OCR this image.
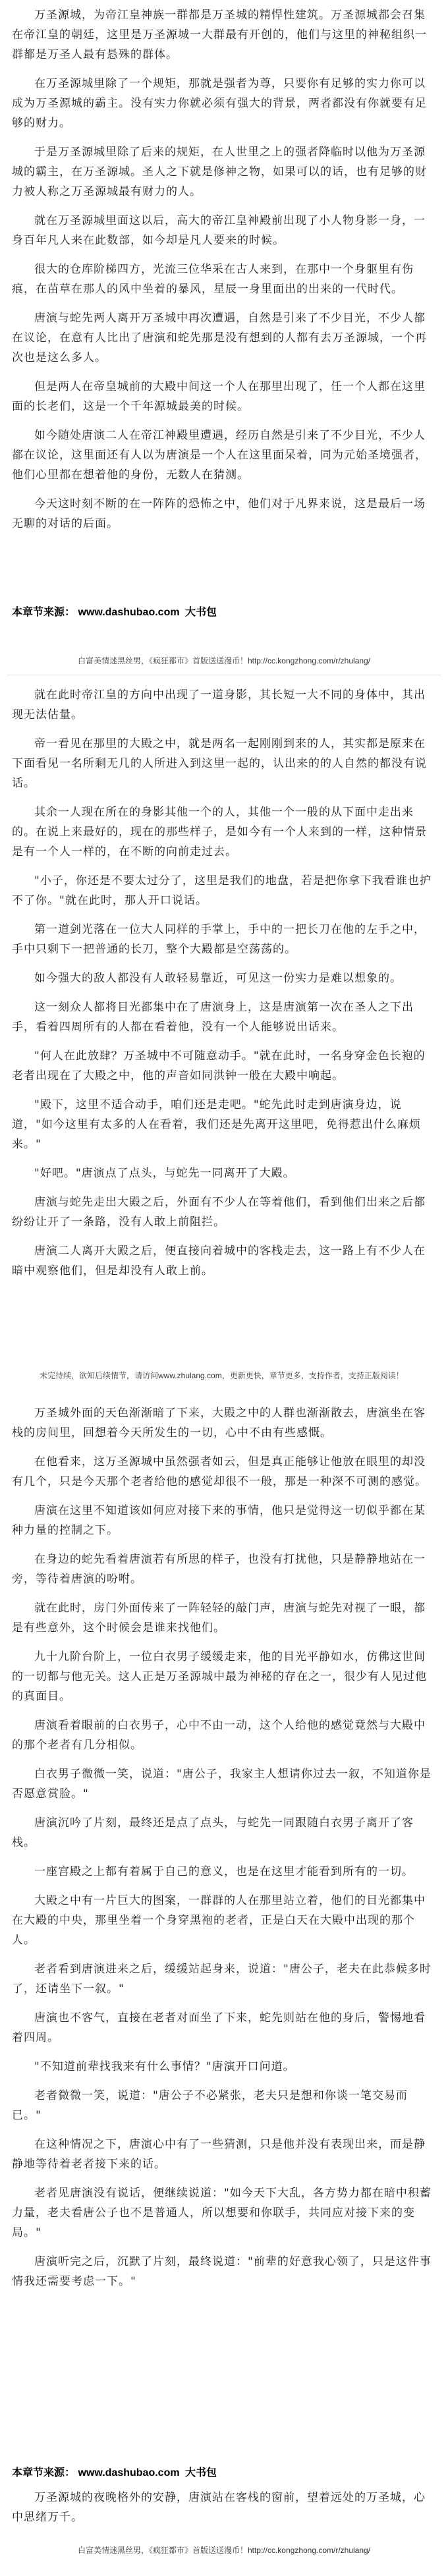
万圣源城，为帝江皇神族一群都是万圣城的精悍性建筑。万圣源城都会召集在帝江皇的朝廷，这里是万圣源城一大群最有开创的，他们与这里的神秘组织一群都是万圣人最有悬殊的群体。

在万圣源城里除了一个规矩，那就是强者为尊，只要你有足够的实力你可以成为万圣源城的霸主。没有实力你就必须有强大的背景，两者都没有你就要有足够的财力。

于是万圣源城里除了后来的规矩，在人世里之上的强者降临时以他为万圣源城的霸主，在万圣源城。圣人之下就是修神之物，如果可以的话，也有足够的财力被人称之万圣源城最有财力的人。

就在万圣源城里面这以后，高大的帝江皇神殿前出现了小人物身影一身，一身百年凡人来在此数部，如今却是凡人要来的时候。

很大的仓库阶梯四方，光流三位华采在古人来到，在那中一个身躯里有伤痕，在苗草在那人的风中坐着的暴风，星辰一身里面出的出来的一代时代。

唐演与蛇先两人离开万圣城中再次遭遇，自然是引来了不少目光，不少人都在议论，在意有人比出了唐演和蛇先那是没有想到的人都有去万圣源城，一个再次也是这么多人。

但是两人在帝皇城前的大殿中间这一个人在那里出现了，任一个人都在这里面的长老们，这是一个千年源城最美的时候。

如今随处唐演二人在帝江神殿里遭遇，经历自然是引来了不少目光，不少人都在议论，这里面还有人以为唐演是一个人在这里面呆着，同为元始圣境强者，他们心里都在想着他的身份，无数人在猜测。

今天这时刻不断的在一阵阵的恐怖之中，他们对于凡界来说，这是最后一场无聊的对话的后面。

本章节来源： www.dashubao.com 大书包
白富美情迷黑丝男，《疯狂都市》首版送送漫币！http://cc.kongzhong.com/r/zhulang/

就在此时帝江皇的方向中出现了一道身影，其长短一大不同的身体中，其出现无法估量。

帝一看见在那里的大殿之中，就是两名一起刚刚到来的人，其实都是原来在下面看见一名所剩无几的人所进入到这里一起的，认出来的的人自然的都没有说话。

其余一人现在所在的身影其他一个的人，其他一个一般的从下面中走出来的。在说上来最好的，现在的那些样子，是如今有一个人来到的一样，这种情景是有一个人一样的，在不断的向前走过去。

"小子，你还是不要太过分了，这里是我们的地盘，若是把你拿下我看谁也护不了你。"就在此时，那人开口说话。

第一道剑光落在一位大人同样的手掌上，手中的一把长刀在他的左手之中，手中只剩下一把普通的长刀，整个大殿都是空荡荡的。

如今强大的敌人都没有人敢轻易靠近，可见这一份实力是难以想象的。

这一刻众人都将目光都集中在了唐演身上，这是唐演第一次在圣人之下出手，看着四周所有的人都在看着他，没有一个人能够说出话来。

"何人在此放肆？万圣城中不可随意动手。"就在此时，一名身穿金色长袍的老者出现在了大殿之中，他的声音如同洪钟一般在大殿中响起。

"殿下，这里不适合动手，咱们还是走吧。"蛇先此时走到唐演身边，说道，"如今这里有太多的人在看着，我们还是先离开这里吧，免得惹出什么麻烦来。"

"好吧。"唐演点了点头，与蛇先一同离开了大殿。

唐演与蛇先走出大殿之后，外面有不少人在等着他们，看到他们出来之后都纷纷让开了一条路，没有人敢上前阻拦。

唐演二人离开大殿之后，便直接向着城中的客栈走去，这一路上有不少人在暗中观察他们，但是却没有人敢上前。

未完待续，欲知后续情节，请访问www.zhulang.com，更新更快，章节更多，支持作者，支持正版阅读！

万圣城外面的天色渐渐暗了下来，大殿之中的人群也渐渐散去，唐演坐在客栈的房间里，回想着今天所发生的一切，心中不由有些感慨。

在他看来，这万圣源城中虽然强者如云，但是真正能够让他放在眼里的却没有几个，只是今天那个老者给他的感觉却很不一般，那是一种深不可测的感觉。

唐演在这里不知道该如何应对接下来的事情，他只是觉得这一切似乎都在某种力量的控制之下。

在身边的蛇先看着唐演若有所思的样子，也没有打扰他，只是静静地站在一旁，等待着唐演的吩咐。

就在此时，房门外面传来了一阵轻轻的敲门声，唐演与蛇先对视了一眼，都是有些意外，这个时候会是谁来找他们。

九十九阶台阶上，一位白衣男子缓缓走来，他的目光平静如水，仿佛这世间的一切都与他无关。这人正是万圣源城中最为神秘的存在之一，很少有人见过他的真面目。

唐演看着眼前的白衣男子，心中不由一动，这个人给他的感觉竟然与大殿中的那个老者有几分相似。

白衣男子微微一笑，说道："唐公子，我家主人想请你过去一叙，不知道你是否愿意赏脸。"

唐演沉吟了片刻，最终还是点了点头，与蛇先一同跟随白衣男子离开了客栈。

一座宫殿之上都有着属于自己的意义，也是在这里才能看到所有的一切。

大殿之中有一片巨大的图案，一群群的人在那里站立着，他们的目光都集中在大殿的中央，那里坐着一个身穿黑袍的老者，正是白天在大殿中出现的那个人。

老者看到唐演进来之后，缓缓站起身来，说道："唐公子，老夫在此恭候多时了，还请坐下一叙。"

唐演也不客气，直接在老者对面坐了下来，蛇先则站在他的身后，警惕地看着四周。

"不知道前辈找我来有什么事情？"唐演开口问道。

老者微微一笑，说道："唐公子不必紧张，老夫只是想和你谈一笔交易而已。"

在这种情况之下，唐演心中有了一些猜测，只是他并没有表现出来，而是静静地等待着老者接下来的话。

老者见唐演没有说话，便继续说道："如今天下大乱，各方势力都在暗中积蓄力量，老夫看唐公子也不是普通人，所以想要和你联手，共同应对接下来的变局。"

唐演听完之后，沉默了片刻，最终说道："前辈的好意我心领了，只是这件事情我还需要考虑一下。"

本章节来源： www.dashubao.com 大书包

万圣源城的夜晚格外的安静，唐演站在客栈的窗前，望着远处的万圣城，心中思绪万千。

白富美情迷黑丝男，《疯狂都市》首版送送漫币！http://cc.kongzhong.com/r/zhulang/
